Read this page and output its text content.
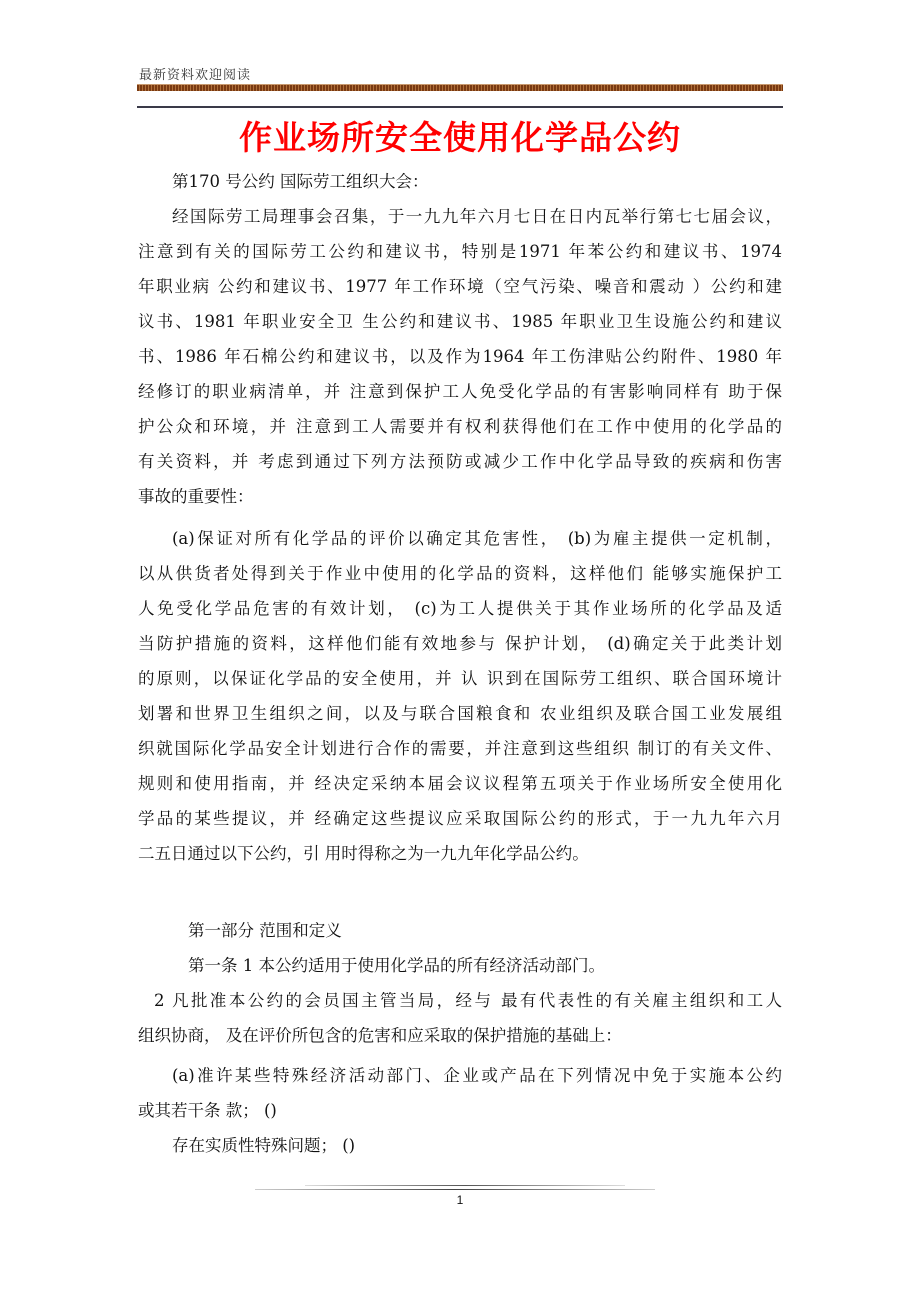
最新资料欢迎阅读
作业场所安全使用化学品公约
第170 号公约 国际劳工组织大会：
经国际劳工局理事会召集，于一九九年六月七日在日内瓦举行第七七届会议，
注意到有关的国际劳工公约和建议书，特别是1971 年苯公约和建议书、1974
年职业病 公约和建议书、1977 年工作环境（空气污染、噪音和震动 ）公约和建
议书、1981 年职业安全卫 生公约和建议书、1985 年职业卫生设施公约和建议
书、1986 年石棉公约和建议书，以及作为1964 年工伤津贴公约附件、1980 年
经修订的职业病清单，并 注意到保护工人免受化学品的有害影响同样有 助于保
护公众和环境，并 注意到工人需要并有权利获得他们在工作中使用的化学品的
有关资料，并 考虑到通过下列方法预防或减少工作中化学品导致的疾病和伤害
事故的重要性：
(a)保证对所有化学品的评价以确定其危害性， (b)为雇主提供一定机制，
以从供货者处得到关于作业中使用的化学品的资料，这样他们 能够实施保护工
人免受化学品危害的有效计划， (c)为工人提供关于其作业场所的化学品及适
当防护措施的资料，这样他们能有效地参与 保护计划， (d)确定关于此类计划
的原则，以保证化学品的安全使用，并 认 识到在国际劳工组织、联合国环境计
划署和世界卫生组织之间，以及与联合国粮食和 农业组织及联合国工业发展组
织就国际化学品安全计划进行合作的需要，并注意到这些组织 制订的有关文件、
规则和使用指南，并 经决定采纳本届会议议程第五项关于作业场所安全使用化
学品的某些提议，并 经确定这些提议应采取国际公约的形式，于一九九年六月
二五日通过以下公约，引 用时得称之为一九九年化学品公约。
第一部分 范围和定义
第一条 1 本公约适用于使用化学品的所有经济活动部门。
2 凡批准本公约的会员国主管当局，经与 最有代表性的有关雇主组织和工人
组织协商， 及在评价所包含的危害和应采取的保护措施的基础上：
(a)准许某些特殊经济活动部门、企业或产品在下列情况中免于实施本公约
或其若干条 款； ()
存在实质性特殊问题； ()
1
